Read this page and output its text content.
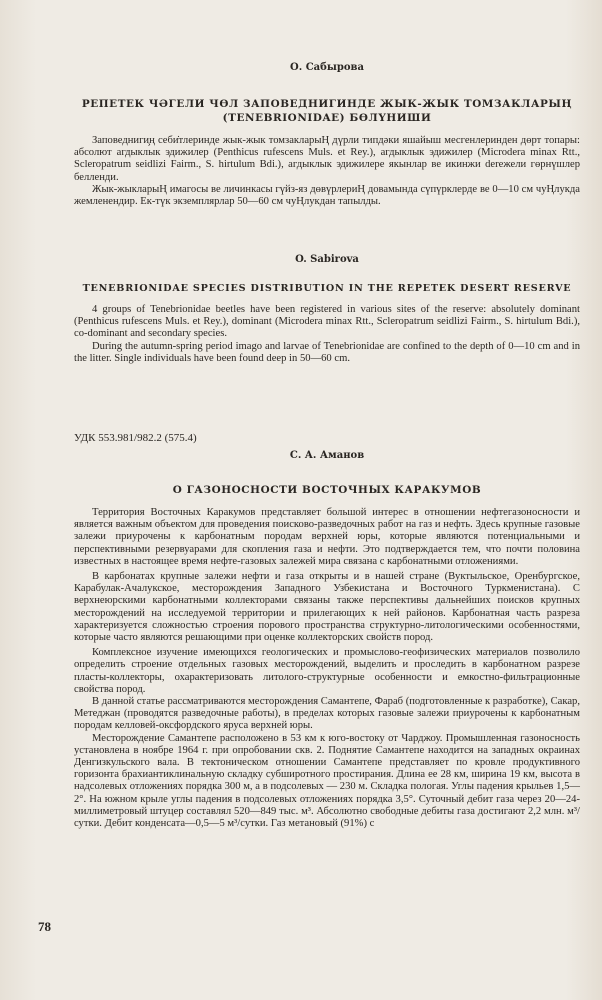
О. Сабырова
РЕПЕТЕК ЧӘГЕЛИ ЧӨЛ ЗАПОВЕДНИГИНДЕ ЖЫК-ЖЫК ТОМЗАКЛАРЫҢ
(TENEBRIONIDAE) БӨЛҮНИШИ

Заповедниги̧ң себи̇тлеринде жык-жык томзакларыҢ дүрли типдәки яшайыш месгенлеринден дөрт топары: абсолют агдыклык эдижилер (Penthicus rufescens Muls. et Rey.), агдыклык эдижилер (Microdera minax Rtt., Scleropatrum seidlizi Fairm., S. hirtulum Bdi.), агдыклык эдижилере якынлар ве икинжи derежели гөрнүшлер белленди.

Жык-жыкларыҢ имагосы ве личинкасы гүйз-яз дөвүрлериҢ довамында сүпүрклерде ве 0—10 см чуҢлукда жемленендир. Ек-түк экземплярлар 50—60 см чуҢлукдан тапылды.

O. Sabirova
TENEBRIONIDAE SPECIES DISTRIBUTION IN THE REPETEK DESERT RESERVE

4 groups of Tenebrionidae beetles have been registered in various sites of the reserve: absolutely dominant (Penthicus rufescens Muls. et Rey.), dominant (Microdera minax Rtt., Scleropatrum seidlizi Fairm., S. hirtulum Bdi.), co-dominant and secondary species.

During the autumn-spring period imago and larvae of Tenebrionidae are confined to the depth of 0—10 cm and in the litter. Single individuals have been found deep in 50—60 cm.

УДК 553.981/982.2 (575.4)
С. А. Аманов
О ГАЗОНОСНОСТИ ВОСТОЧНЫХ КАРАКУМОВ

Территория Восточных Каракумов представляет большой интерес в отношении нефтегазоносности и является важным объектом для проведения поисково-разведочных работ на газ и нефть. Здесь крупные газовые залежи приурочены к карбонатным породам верхней юры, которые являются потенциальными и перспективными резервуарами для скопления газа и нефти. Это подтверждается тем, что почти половина известных в настоящее время нефте-газовых залежей мира связана с карбонатными отложениями.

В карбонатах крупные залежи нефти и газа открыты и в нашей стране (Вуктыльское, Оренбургское, Карабулак-Ачалукское, месторождения Западного Узбекистана и Восточного Туркменистана). С верхнеюрскими карбонатными коллекторами связаны также перспективы дальнейших поисков крупных месторождений на исследуемой территории и прилегающих к ней районов. Карбонатная часть разреза характеризуется сложностью строения порового пространства структурно-литологическими особенностями, которые часто являются решающими при оценке коллекторских свойств пород.

Комплексное изучение имеющихся геологических и промыслово-геофизических материалов позволило определить строение отдельных газовых месторождений, выделить и проследить в карбонатном разрезе пласты-коллекторы, охарактеризовать литолого-структурные особенности и емкостно-фильтрационные свойства пород.

В данной статье рассматриваются месторождения Самантепе, Фараб (подготовленные к разработке), Сакар, Метеджан (проводятся разведочные работы), в пределах которых газовые залежи приурочены к карбонатным породам келловей-оксфордского яруса верхней юры.

Месторождение Самантепе расположено в 53 км к юго-востоку от Чарджоу. Промышленная газоносность установлена в ноябре 1964 г. при опробовании скв. 2. Поднятие Самантепе находится на западных окраинах Денгизкульского вала. В тектоническом отношении Самантепе представляет по кровле продуктивного горизонта брахиантиклинальную складку субширотного простирания. Длина ее 28 км, ширина 19 км, высота в надсолевых отложениях порядка 300 м, а в подсолевых — 230 м. Складка пологая. Углы падения крыльев 1,5—2°. На южном крыле углы падения в подсолевых отложениях порядка 3,5°. Суточный дебит газа через 20—24-миллиметровый штуцер составлял 520—849 тыс. м³. Абсолютно свободные дебиты газа достигают 2,2 млн. м³/сутки. Дебит конденсата—0,5—5 м³/сутки. Газ метановый (91%) с

78
